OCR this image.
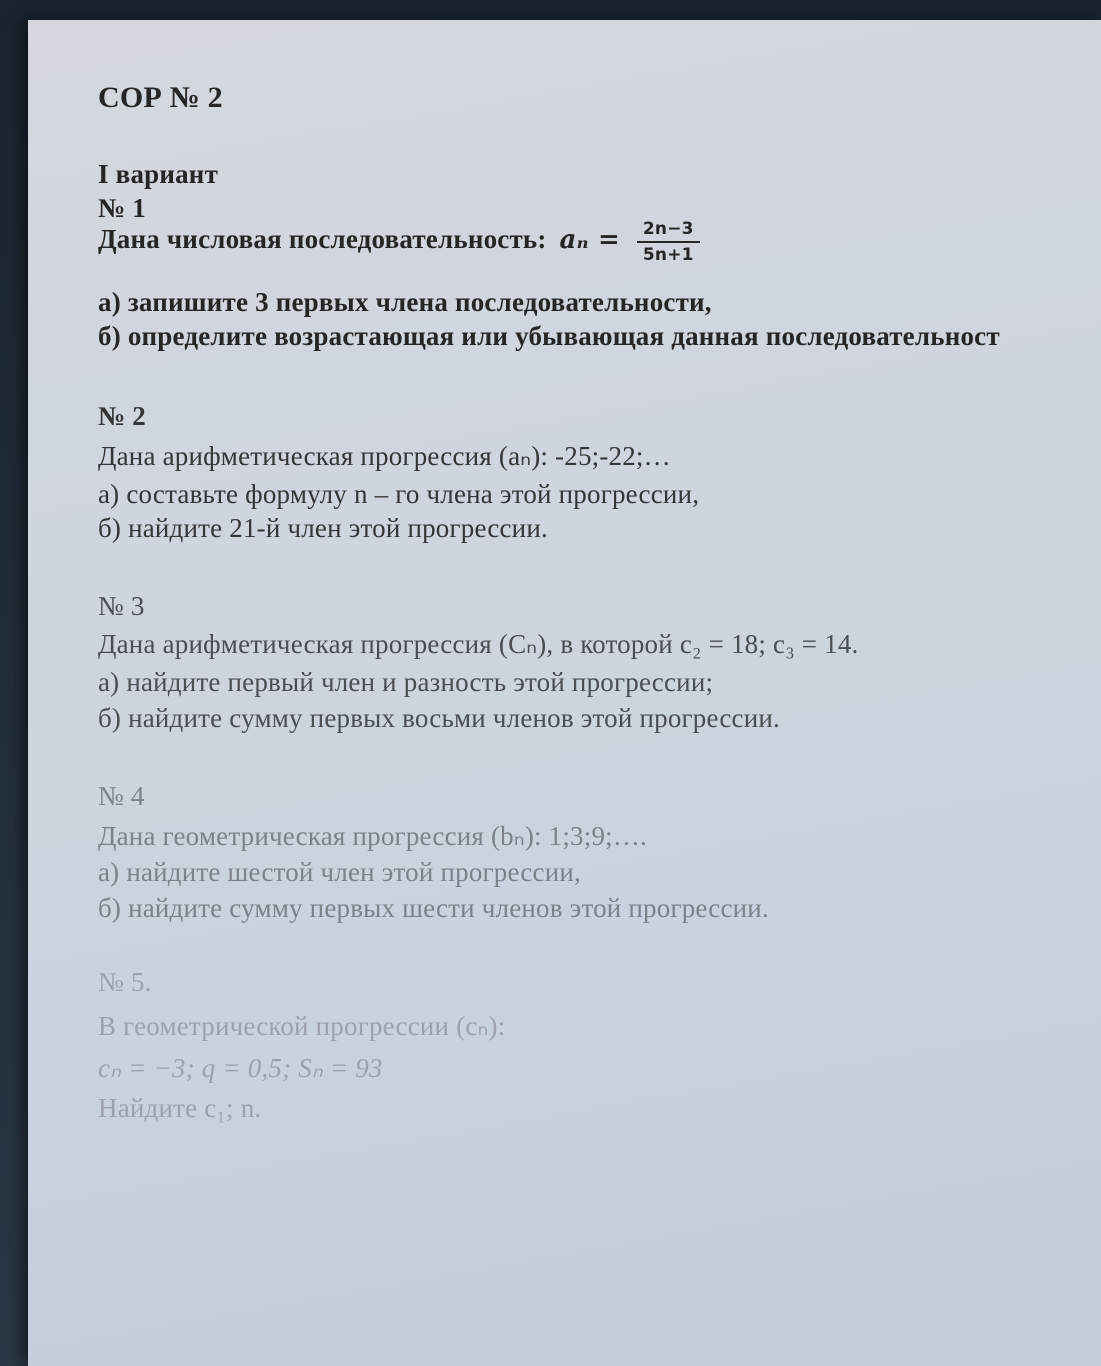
СОР № 2
I вариант
№ 1
Дана числовая последовательность: $a_n = \frac{2n-3}{5n+1}$
а) запишите 3 первых члена последовательности,
б) определите возрастающая или убывающая данная последовательност
№ 2
Дана арифметическая прогрессия (aₙ): -25;-22;…
а) составьте формулу n – го члена этой прогрессии,
б) найдите 21-й член этой прогрессии.
№ 3
Дана арифметическая прогрессия (Cₙ), в которой c₂ = 18; c₃ = 14.
а) найдите первый член и разность этой прогрессии;
б) найдите сумму первых восьми членов этой прогрессии.
№ 4
Дана геометрическая прогрессия (bₙ): 1;3;9;….
а) найдите шестой член этой прогрессии,
б) найдите сумму первых шести членов этой прогрессии.
№ 5.
В геометрической прогрессии (cₙ):
cₙ = −3; q = 0,5; Sₙ = 93
Найдите c₁; n.
